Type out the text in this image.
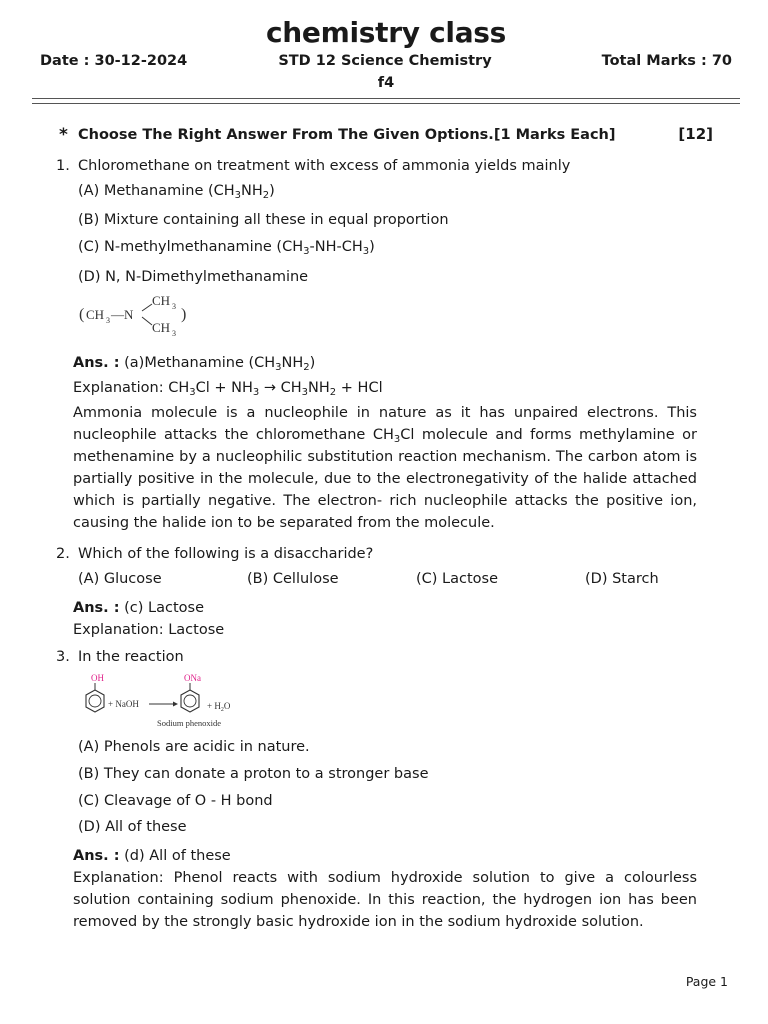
chemistry class
Date : 30-12-2024	STD 12 Science Chemistry	Total Marks : 70
f4
* Choose The Right Answer From The Given Options.[1 Marks Each]	[12]
1. Chloromethane on treatment with excess of ammonia yields mainly
(A) Methanamine $(CH_3NH_2)$
(B) Mixture containing all these in equal proportion
(C) N-methylmethanamine $(CH_3-NH-CH_3)$
(D) N, N-Dimethylmethanamine
( CH 3 —N
CH 3
CH 3
)
Ans. : (a)Methanamine $(CH_3NH_2)$
Explanation: $CH_3Cl + NH_3 \to CH_3NH_2$ + HCl
Ammonia molecule is a nucleophile in nature as it has unpaired electrons. This nucleophile attacks the chloromethane $CH_3Cl$ molecule and forms methylamine or methenamine by a nucleophilic substitution reaction mechanism. The carbon atom is partially positive in the molecule, due to the electronegativity of the halide attached which is partially negative. The electron- rich nucleophile attacks the positive ion, causing the halide ion to be separated from the molecule.
2. Which of the following is a disaccharide?
(A) Glucose	(B) Cellulose	(C) Lactose	(D) Starch
Ans. : (c) Lactose
Explanation: Lactose
3. In the reaction
OH
+ NaOH
ONa
+ $H_2O$
Sodium phenoxide
(A) Phenols are acidic in nature.
(B) They can donate a proton to a stronger base
(C) Cleavage of O - H bond
(D) All of these
Ans. : (d) All of these
Explanation: Phenol reacts with sodium hydroxide solution to give a colourless solution containing sodium phenoxide. In this reaction, the hydrogen ion has been removed by the strongly basic hydroxide ion in the sodium hydroxide solution.
Page 1
